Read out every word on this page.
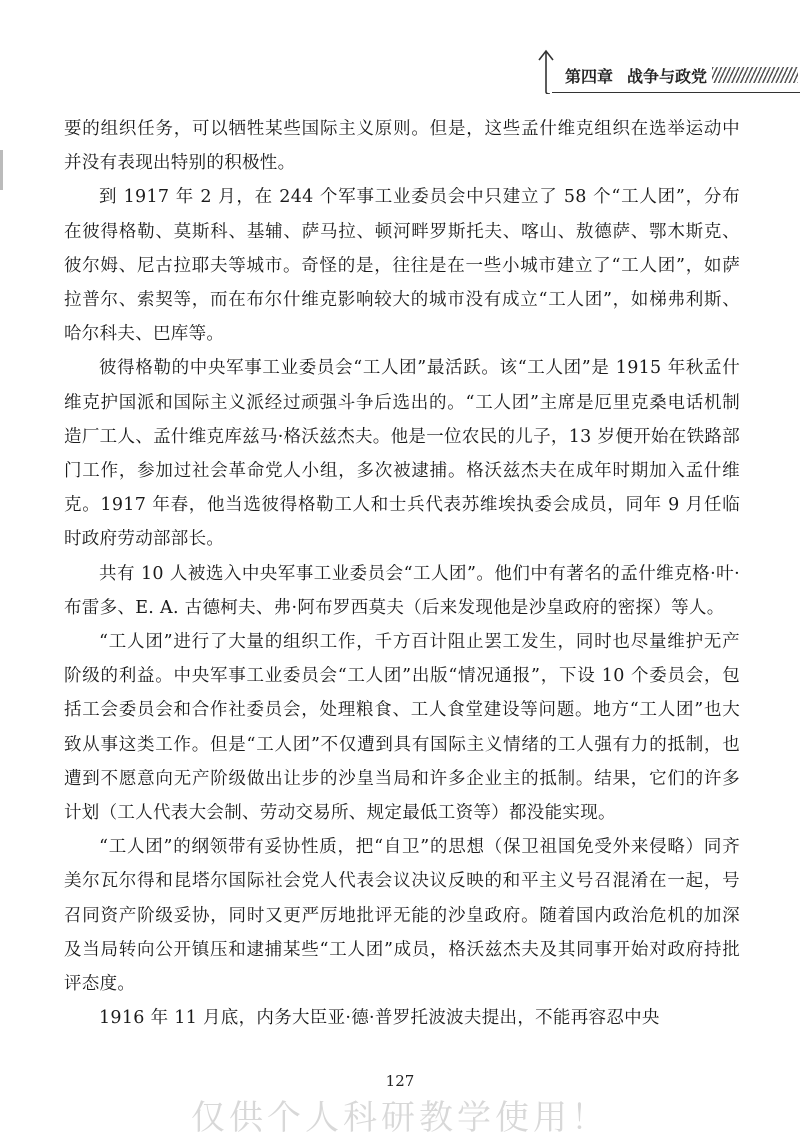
第四章 战争与政党

要的组织任务，可以牺牲某些国际主义原则。但是，这些孟什维克组织在选举运动中并没有表现出特别的积极性。

到 1917 年 2 月，在 244 个军事工业委员会中只建立了 58 个“工人团”，分布在彼得格勒、莫斯科、基辅、萨马拉、顿河畔罗斯托夫、喀山、敖德萨、鄂木斯克、彼尔姆、尼古拉耶夫等城市。奇怪的是，往往是在一些小城市建立了“工人团”，如萨拉普尔、索契等，而在布尔什维克影响较大的城市没有成立“工人团”，如梯弗利斯、哈尔科夫、巴库等。

彼得格勒的中央军事工业委员会“工人团”最活跃。该“工人团”是 1915 年秋孟什维克护国派和国际主义派经过顽强斗争后选出的。“工人团”主席是厄里克桑电话机制造厂工人、孟什维克库兹马·格沃兹杰夫。他是一位农民的儿子，13 岁便开始在铁路部门工作，参加过社会革命党人小组，多次被逮捕。格沃兹杰夫在成年时期加入孟什维克。1917 年春，他当选彼得格勒工人和士兵代表苏维埃执委会成员，同年 9 月任临时政府劳动部部长。

共有 10 人被选入中央军事工业委员会“工人团”。他们中有著名的孟什维克格·叶·布雷多、E. A. 古德柯夫、弗·阿布罗西莫夫（后来发现他是沙皇政府的密探）等人。

“工人团”进行了大量的组织工作，千方百计阻止罢工发生，同时也尽量维护无产阶级的利益。中央军事工业委员会“工人团”出版“情况通报”，下设 10 个委员会，包括工会委员会和合作社委员会，处理粮食、工人食堂建设等问题。地方“工人团”也大致从事这类工作。但是“工人团”不仅遭到具有国际主义情绪的工人强有力的抵制，也遭到不愿意向无产阶级做出让步的沙皇当局和许多企业主的抵制。结果，它们的许多计划（工人代表大会制、劳动交易所、规定最低工资等）都没能实现。

“工人团”的纲领带有妥协性质，把“自卫”的思想（保卫祖国免受外来侵略）同齐美尔瓦尔得和昆塔尔国际社会党人代表会议决议反映的和平主义号召混淆在一起，号召同资产阶级妥协，同时又更严厉地批评无能的沙皇政府。随着国内政治危机的加深及当局转向公开镇压和逮捕某些“工人团”成员，格沃兹杰夫及其同事开始对政府持批评态度。

1916 年 11 月底，内务大臣亚·德·普罗托波波夫提出，不能再容忍中央

127
仅供个人科研教学使用！
